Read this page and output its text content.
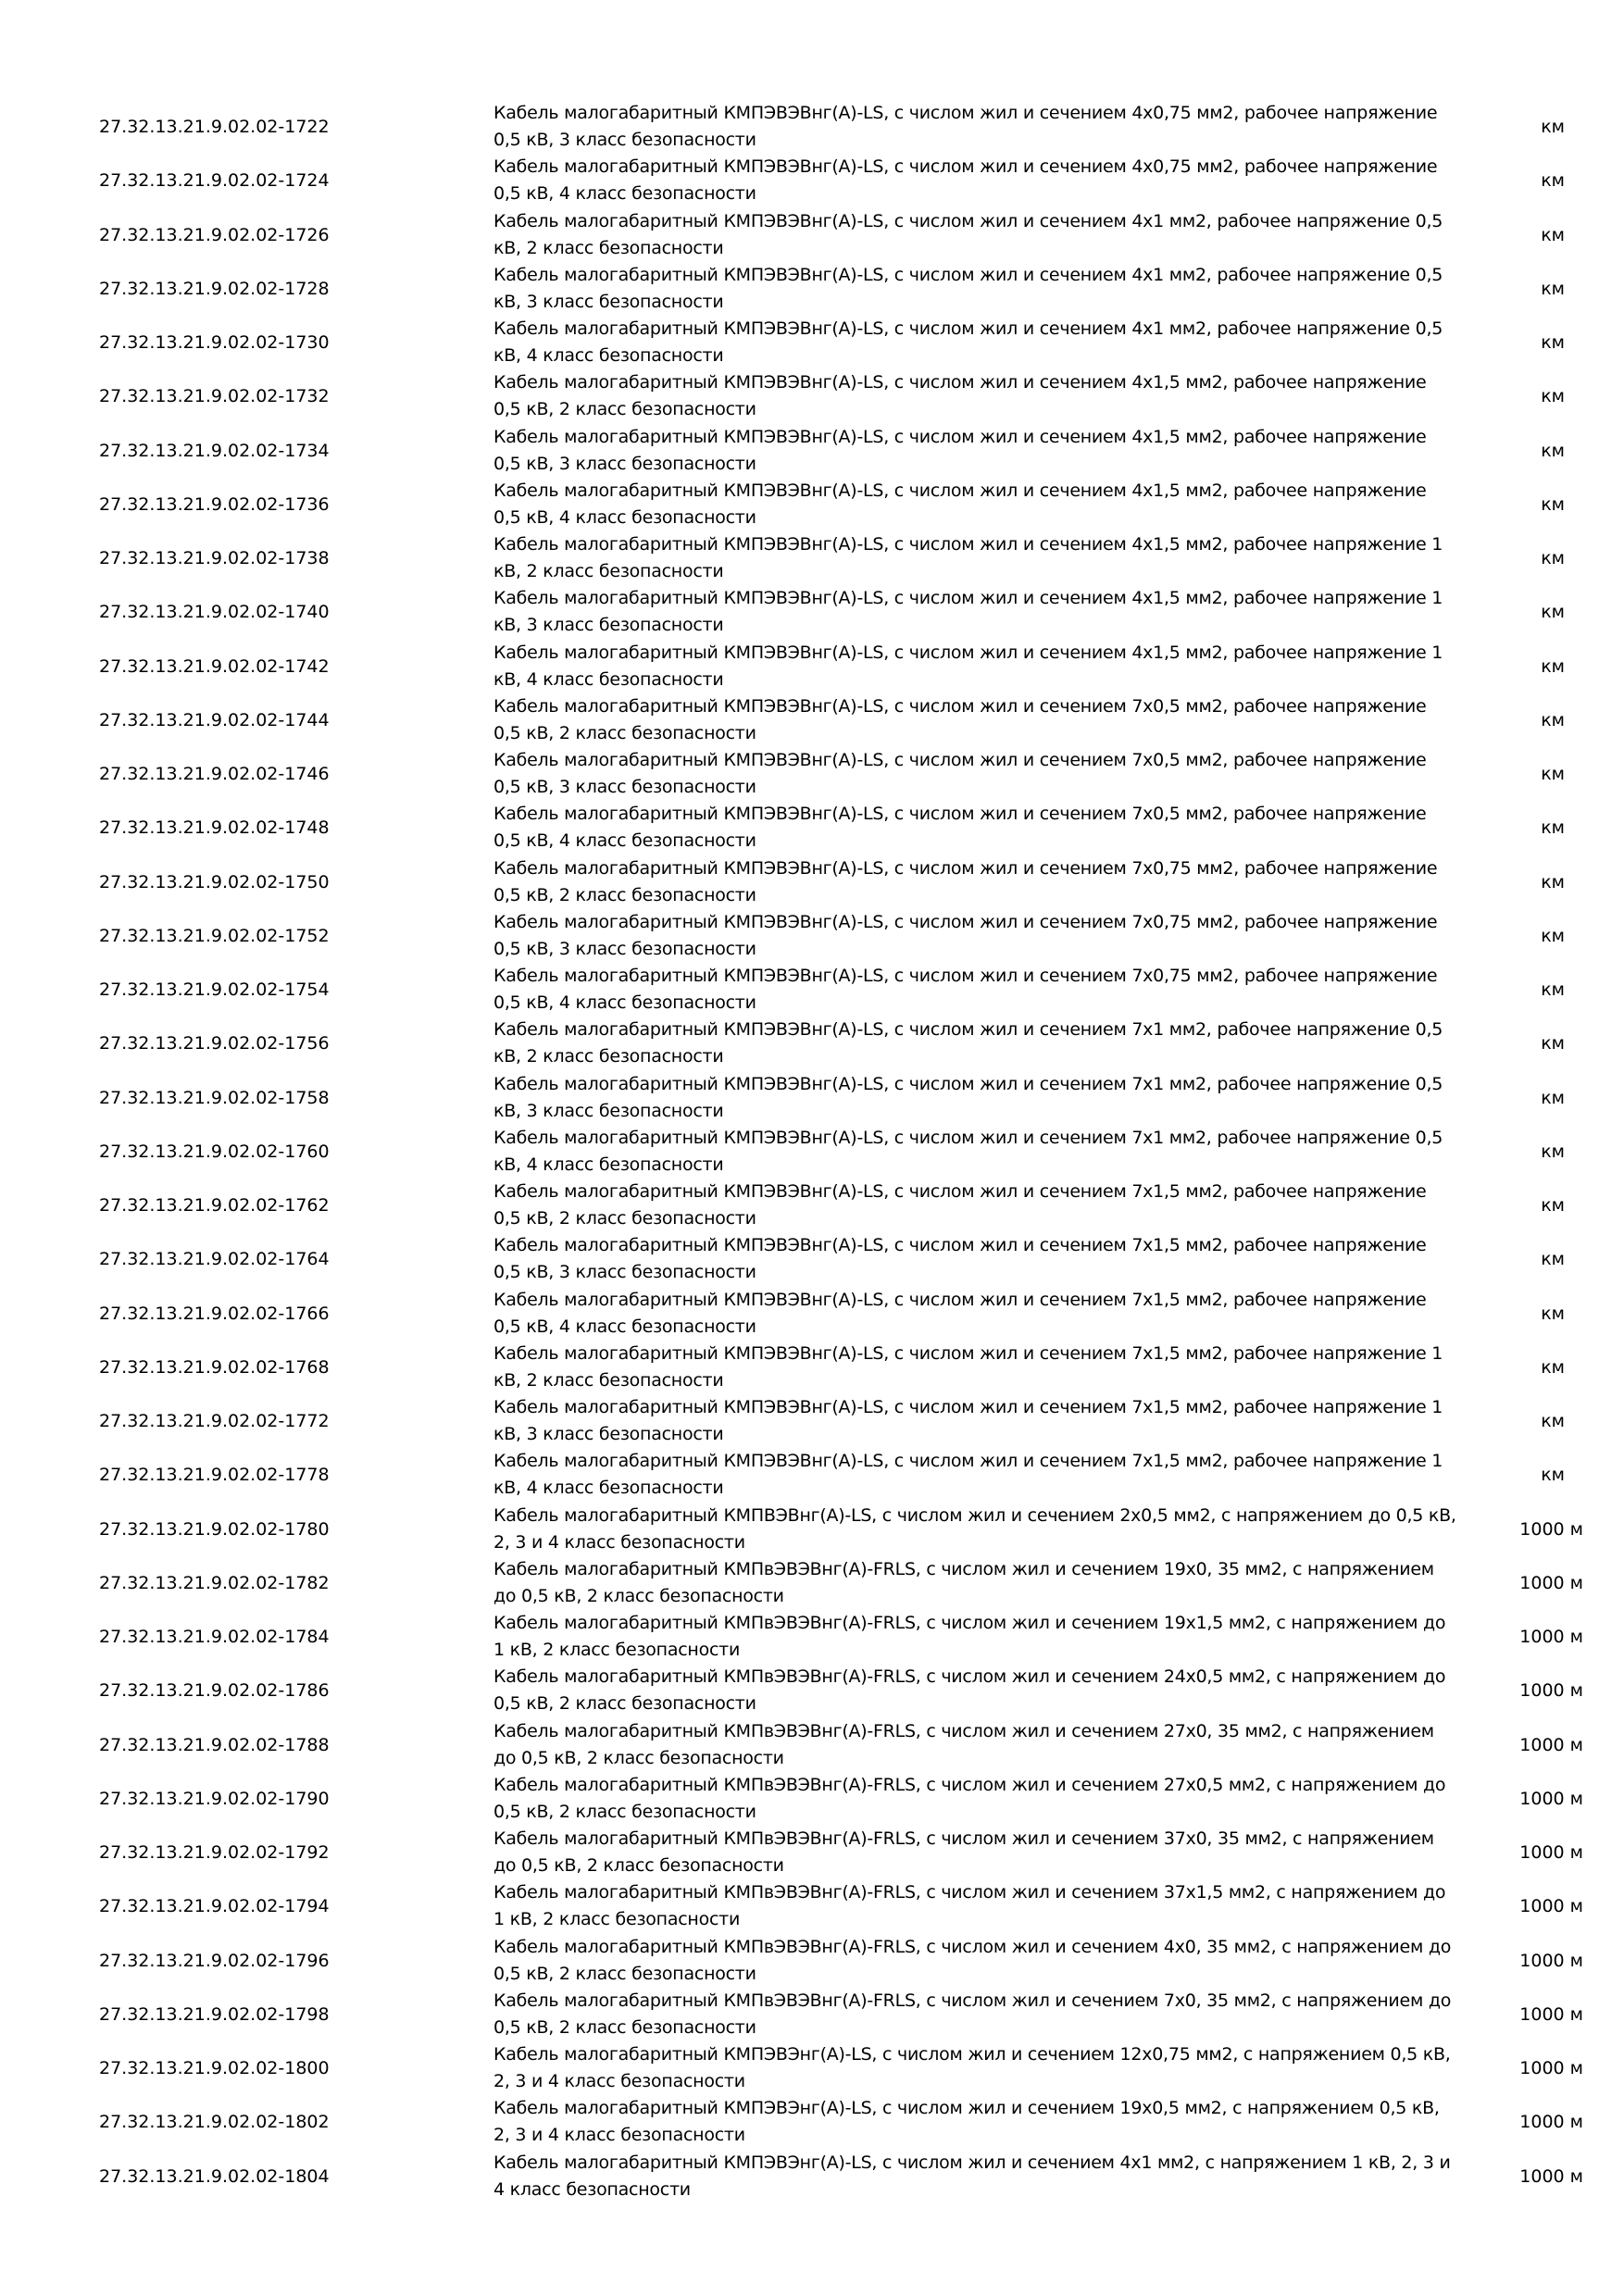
27.32.13.21.9.02.02-1722
Кабель малогабаритный КМПЭВЭВнг(А)-LS, с числом жил и сечением 4х0,75 мм2, рабочее напряжение 0,5 кВ, 3 класс безопасности
км
27.32.13.21.9.02.02-1724
Кабель малогабаритный КМПЭВЭВнг(А)-LS, с числом жил и сечением 4х0,75 мм2, рабочее напряжение 0,5 кВ, 4 класс безопасности
км
27.32.13.21.9.02.02-1726
Кабель малогабаритный КМПЭВЭВнг(А)-LS, с числом жил и сечением 4х1 мм2, рабочее напряжение 0,5 кВ, 2 класс безопасности
км
27.32.13.21.9.02.02-1728
Кабель малогабаритный КМПЭВЭВнг(А)-LS, с числом жил и сечением 4х1 мм2, рабочее напряжение 0,5 кВ, 3 класс безопасности
км
27.32.13.21.9.02.02-1730
Кабель малогабаритный КМПЭВЭВнг(А)-LS, с числом жил и сечением 4х1 мм2, рабочее напряжение 0,5 кВ, 4 класс безопасности
км
27.32.13.21.9.02.02-1732
Кабель малогабаритный КМПЭВЭВнг(А)-LS, с числом жил и сечением 4х1,5 мм2, рабочее напряжение 0,5 кВ, 2 класс безопасности
км
27.32.13.21.9.02.02-1734
Кабель малогабаритный КМПЭВЭВнг(А)-LS, с числом жил и сечением 4х1,5 мм2, рабочее напряжение 0,5 кВ, 3 класс безопасности
км
27.32.13.21.9.02.02-1736
Кабель малогабаритный КМПЭВЭВнг(А)-LS, с числом жил и сечением 4х1,5 мм2, рабочее напряжение 0,5 кВ, 4 класс безопасности
км
27.32.13.21.9.02.02-1738
Кабель малогабаритный КМПЭВЭВнг(А)-LS, с числом жил и сечением 4х1,5 мм2, рабочее напряжение 1 кВ, 2 класс безопасности
км
27.32.13.21.9.02.02-1740
Кабель малогабаритный КМПЭВЭВнг(А)-LS, с числом жил и сечением 4х1,5 мм2, рабочее напряжение 1 кВ, 3 класс безопасности
км
27.32.13.21.9.02.02-1742
Кабель малогабаритный КМПЭВЭВнг(А)-LS, с числом жил и сечением 4х1,5 мм2, рабочее напряжение 1 кВ, 4 класс безопасности
км
27.32.13.21.9.02.02-1744
Кабель малогабаритный КМПЭВЭВнг(А)-LS, с числом жил и сечением 7х0,5 мм2, рабочее напряжение 0,5 кВ, 2 класс безопасности
км
27.32.13.21.9.02.02-1746
Кабель малогабаритный КМПЭВЭВнг(А)-LS, с числом жил и сечением 7х0,5 мм2, рабочее напряжение 0,5 кВ, 3 класс безопасности
км
27.32.13.21.9.02.02-1748
Кабель малогабаритный КМПЭВЭВнг(А)-LS, с числом жил и сечением 7х0,5 мм2, рабочее напряжение 0,5 кВ, 4 класс безопасности
км
27.32.13.21.9.02.02-1750
Кабель малогабаритный КМПЭВЭВнг(А)-LS, с числом жил и сечением 7х0,75 мм2, рабочее напряжение 0,5 кВ, 2 класс безопасности
км
27.32.13.21.9.02.02-1752
Кабель малогабаритный КМПЭВЭВнг(А)-LS, с числом жил и сечением 7х0,75 мм2, рабочее напряжение 0,5 кВ, 3 класс безопасности
км
27.32.13.21.9.02.02-1754
Кабель малогабаритный КМПЭВЭВнг(А)-LS, с числом жил и сечением 7х0,75 мм2, рабочее напряжение 0,5 кВ, 4 класс безопасности
км
27.32.13.21.9.02.02-1756
Кабель малогабаритный КМПЭВЭВнг(А)-LS, с числом жил и сечением 7х1 мм2, рабочее напряжение 0,5 кВ, 2 класс безопасности
км
27.32.13.21.9.02.02-1758
Кабель малогабаритный КМПЭВЭВнг(А)-LS, с числом жил и сечением 7х1 мм2, рабочее напряжение 0,5 кВ, 3 класс безопасности
км
27.32.13.21.9.02.02-1760
Кабель малогабаритный КМПЭВЭВнг(А)-LS, с числом жил и сечением 7х1 мм2, рабочее напряжение 0,5 кВ, 4 класс безопасности
км
27.32.13.21.9.02.02-1762
Кабель малогабаритный КМПЭВЭВнг(А)-LS, с числом жил и сечением 7х1,5 мм2, рабочее напряжение 0,5 кВ, 2 класс безопасности
км
27.32.13.21.9.02.02-1764
Кабель малогабаритный КМПЭВЭВнг(А)-LS, с числом жил и сечением 7х1,5 мм2, рабочее напряжение 0,5 кВ, 3 класс безопасности
км
27.32.13.21.9.02.02-1766
Кабель малогабаритный КМПЭВЭВнг(А)-LS, с числом жил и сечением 7х1,5 мм2, рабочее напряжение 0,5 кВ, 4 класс безопасности
км
27.32.13.21.9.02.02-1768
Кабель малогабаритный КМПЭВЭВнг(А)-LS, с числом жил и сечением 7х1,5 мм2, рабочее напряжение 1 кВ, 2 класс безопасности
км
27.32.13.21.9.02.02-1772
Кабель малогабаритный КМПЭВЭВнг(А)-LS, с числом жил и сечением 7х1,5 мм2, рабочее напряжение 1 кВ, 3 класс безопасности
км
27.32.13.21.9.02.02-1778
Кабель малогабаритный КМПЭВЭВнг(А)-LS, с числом жил и сечением 7х1,5 мм2, рабочее напряжение 1 кВ, 4 класс безопасности
км
27.32.13.21.9.02.02-1780
Кабель малогабаритный КМПВЭВнг(А)-LS, с числом жил и сечением 2х0,5 мм2, с напряжением до 0,5 кВ, 2, 3 и 4 класс безопасности
1000 м
27.32.13.21.9.02.02-1782
Кабель малогабаритный КМПвЭВЭВнг(А)-FRLS, с числом жил и сечением 19х0, 35 мм2, с напряжением до 0,5 кВ, 2 класс безопасности
1000 м
27.32.13.21.9.02.02-1784
Кабель малогабаритный КМПвЭВЭВнг(А)-FRLS, с числом жил и сечением 19х1,5 мм2, с напряжением до 1 кВ, 2 класс безопасности
1000 м
27.32.13.21.9.02.02-1786
Кабель малогабаритный КМПвЭВЭВнг(А)-FRLS, с числом жил и сечением 24х0,5 мм2, с напряжением до 0,5 кВ, 2 класс безопасности
1000 м
27.32.13.21.9.02.02-1788
Кабель малогабаритный КМПвЭВЭВнг(А)-FRLS, с числом жил и сечением 27х0, 35 мм2, с напряжением до 0,5 кВ, 2 класс безопасности
1000 м
27.32.13.21.9.02.02-1790
Кабель малогабаритный КМПвЭВЭВнг(А)-FRLS, с числом жил и сечением 27х0,5 мм2, с напряжением до 0,5 кВ, 2 класс безопасности
1000 м
27.32.13.21.9.02.02-1792
Кабель малогабаритный КМПвЭВЭВнг(А)-FRLS, с числом жил и сечением 37х0, 35 мм2, с напряжением до 0,5 кВ, 2 класс безопасности
1000 м
27.32.13.21.9.02.02-1794
Кабель малогабаритный КМПвЭВЭВнг(А)-FRLS, с числом жил и сечением 37х1,5 мм2, с напряжением до 1 кВ, 2 класс безопасности
1000 м
27.32.13.21.9.02.02-1796
Кабель малогабаритный КМПвЭВЭВнг(А)-FRLS, с числом жил и сечением 4х0, 35 мм2, с напряжением до 0,5 кВ, 2 класс безопасности
1000 м
27.32.13.21.9.02.02-1798
Кабель малогабаритный КМПвЭВЭВнг(А)-FRLS, с числом жил и сечением 7х0, 35 мм2, с напряжением до 0,5 кВ, 2 класс безопасности
1000 м
27.32.13.21.9.02.02-1800
Кабель малогабаритный КМПЭВЭнг(А)-LS, с числом жил и сечением 12х0,75 мм2, с напряжением 0,5 кВ, 2, 3 и 4 класс безопасности
1000 м
27.32.13.21.9.02.02-1802
Кабель малогабаритный КМПЭВЭнг(А)-LS, с числом жил и сечением 19х0,5 мм2, с напряжением 0,5 кВ, 2, 3 и 4 класс безопасности
1000 м
27.32.13.21.9.02.02-1804
Кабель малогабаритный КМПЭВЭнг(А)-LS, с числом жил и сечением 4х1 мм2, с напряжением 1 кВ, 2, 3 и 4 класс безопасности
1000 м
